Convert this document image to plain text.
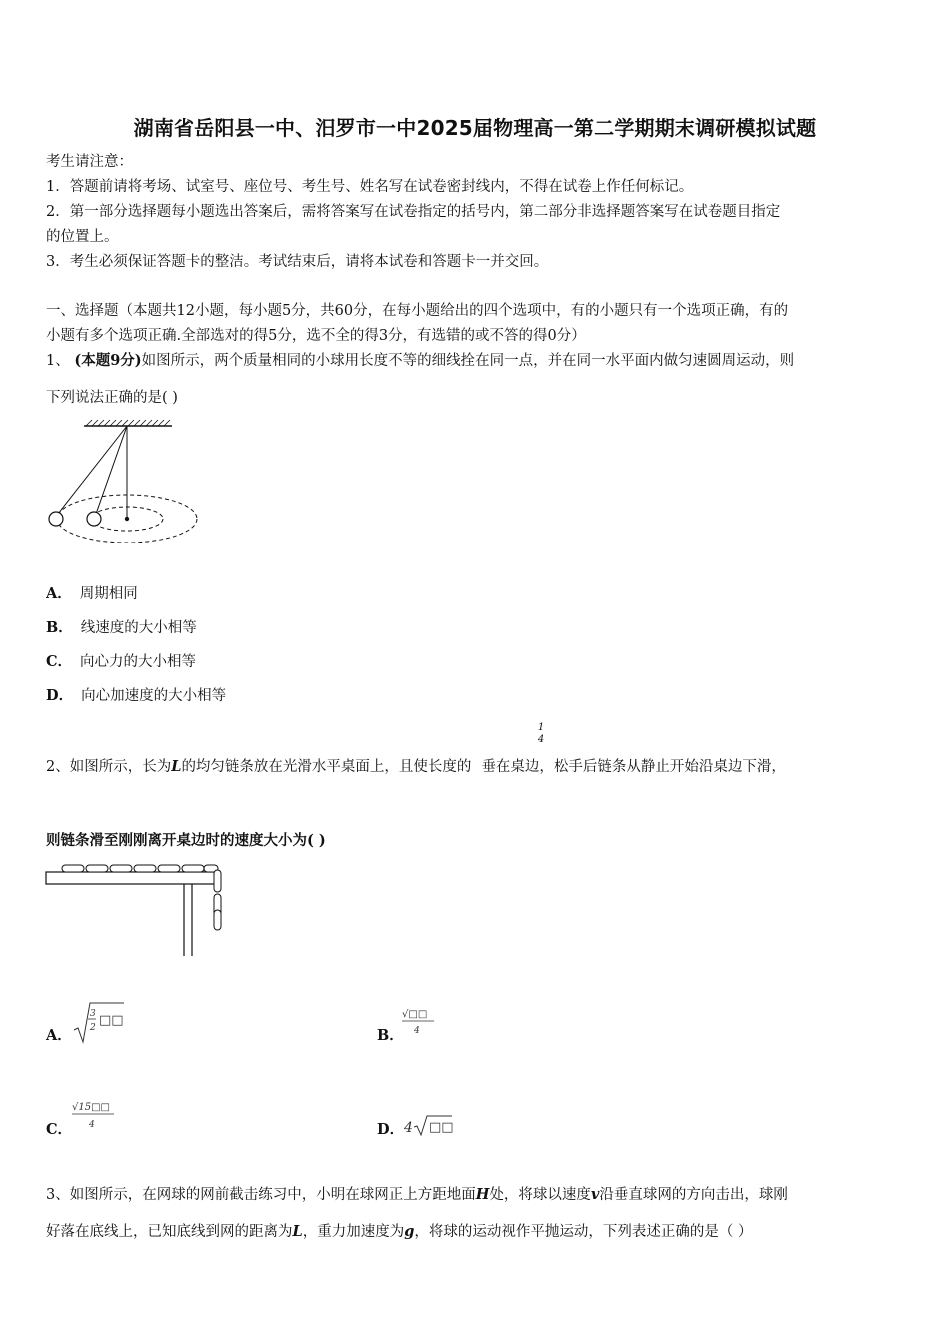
湖南省岳阳县一中、汨罗市一中2025届物理高一第二学期期末调研模拟试题
考生请注意：
1．答题前请将考场、试室号、座位号、考生号、姓名写在试卷密封线内，不得在试卷上作任何标记。
2．第一部分选择题每小题选出答案后，需将答案写在试卷指定的括号内，第二部分非选择题答案写在试卷题目指定
的位置上。
3．考生必须保证答题卡的整洁。考试结束后，请将本试卷和答题卡一并交回。
一、选择题（本题共12小题，每小题5分，共60分，在每小题给出的四个选项中，有的小题只有一个选项正确，有的
小题有多个选项正确.全部选对的得5分，选不全的得3分，有选错的或不答的得0分）
1、 (本题9分)如图所示，两个质量相同的小球用长度不等的细线拴在同一点，并在同一水平面内做匀速圆周运动，则
下列说法正确的是( )
A． 周期相同
B． 线速度的大小相等
C． 向心力的大小相等
D． 向心加速度的大小相等
1
4
2、如图所示，长为L的均匀链条放在光滑水平桌面上，且使长度的 垂在桌边，松手后链条从静止开始沿桌边下滑，
则链条滑至刚刚离开桌边时的速度大小为( )
A．
3
2 □□
B．
√□□
4
C．
√15□□
4	D． 4 □□
3、如图所示，在网球的网前截击练习中，小明在球网正上方距地面H处，将球以速度v沿垂直球网的方向击出，球刚
好落在底线上，已知底线到网的距离为L，重力加速度为g，将球的运动视作平抛运动，下列表述正确的是（ ）
